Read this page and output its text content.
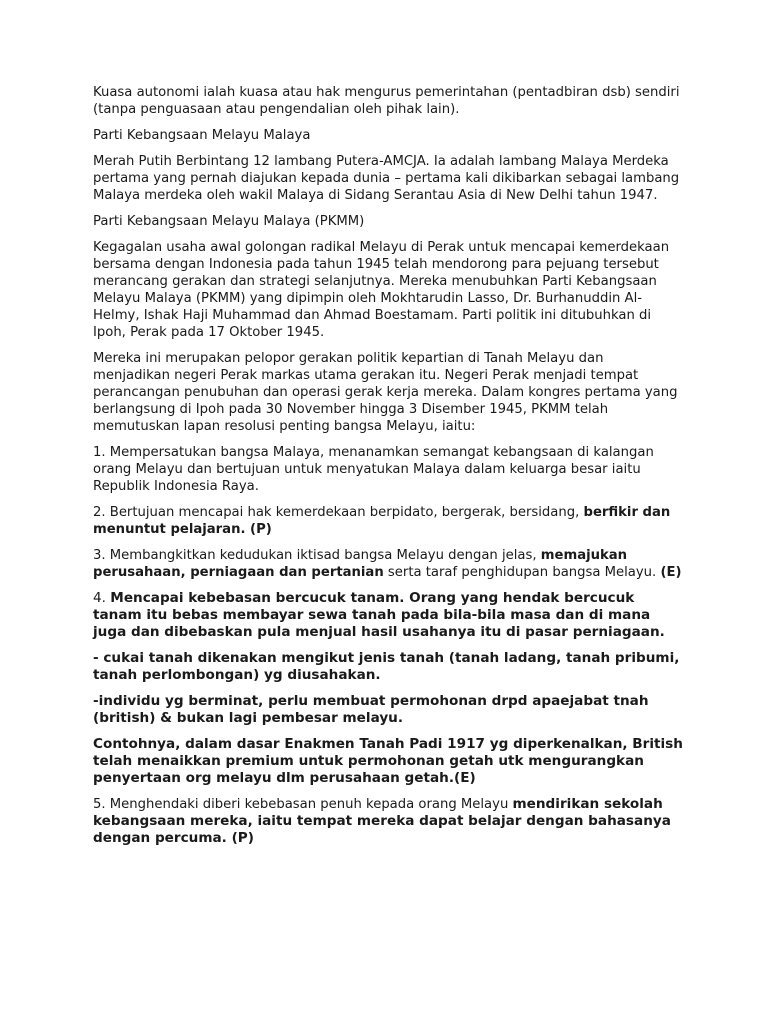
Kuasa autonomi ialah kuasa atau hak mengurus pemerintahan (pentadbiran dsb) sendiri (tanpa penguasaan atau pengendalian oleh pihak lain).

Parti Kebangsaan Melayu Malaya

Merah Putih Berbintang 12 lambang Putera-AMCJA. Ia adalah lambang Malaya Merdeka pertama yang pernah diajukan kepada dunia – pertama kali dikibarkan sebagai lambang Malaya merdeka oleh wakil Malaya di Sidang Serantau Asia di New Delhi tahun 1947.

Parti Kebangsaan Melayu Malaya (PKMM)

Kegagalan usaha awal golongan radikal Melayu di Perak untuk mencapai kemerdekaan bersama dengan Indonesia pada tahun 1945 telah mendorong para pejuang tersebut merancang gerakan dan strategi selanjutnya. Mereka menubuhkan Parti Kebangsaan Melayu Malaya (PKMM) yang dipimpin oleh Mokhtarudin Lasso, Dr. Burhanuddin Al-Helmy, Ishak Haji Muhammad dan Ahmad Boestamam. Parti politik ini ditubuhkan di Ipoh, Perak pada 17 Oktober 1945.

Mereka ini merupakan pelopor gerakan politik kepartian di Tanah Melayu dan menjadikan negeri Perak markas utama gerakan itu. Negeri Perak menjadi tempat perancangan penubuhan dan operasi gerak kerja mereka. Dalam kongres pertama yang berlangsung di Ipoh pada 30 November hingga 3 Disember 1945, PKMM telah memutuskan lapan resolusi penting bangsa Melayu, iaitu:

1. Mempersatukan bangsa Malaya, menanamkan semangat kebangsaan di kalangan orang Melayu dan bertujuan untuk menyatukan Malaya dalam keluarga besar iaitu Republik Indonesia Raya.

2. Bertujuan mencapai hak kemerdekaan berpidato, bergerak, bersidang, berfikir dan menuntut pelajaran. (P)

3. Membangkitkan kedudukan iktisad bangsa Melayu dengan jelas, memajukan perusahaan, perniagaan dan pertanian serta taraf penghidupan bangsa Melayu. (E)

4. Mencapai kebebasan bercucuk tanam. Orang yang hendak bercucuk tanam itu bebas membayar sewa tanah pada bila-bila masa dan di mana juga dan dibebaskan pula menjual hasil usahanya itu di pasar perniagaan.

- cukai tanah dikenakan mengikut jenis tanah (tanah ladang, tanah pribumi, tanah perlombongan) yg diusahakan.

-individu yg berminat, perlu membuat permohonan drpd apaejabat tnah (british) & bukan lagi pembesar melayu.

Contohnya, dalam dasar Enakmen Tanah Padi 1917 yg diperkenalkan, British telah menaikkan premium untuk permohonan getah utk mengurangkan penyertaan org melayu dlm perusahaan getah.(E)

5. Menghendaki diberi kebebasan penuh kepada orang Melayu mendirikan sekolah kebangsaan mereka, iaitu tempat mereka dapat belajar dengan bahasanya dengan percuma. (P)
